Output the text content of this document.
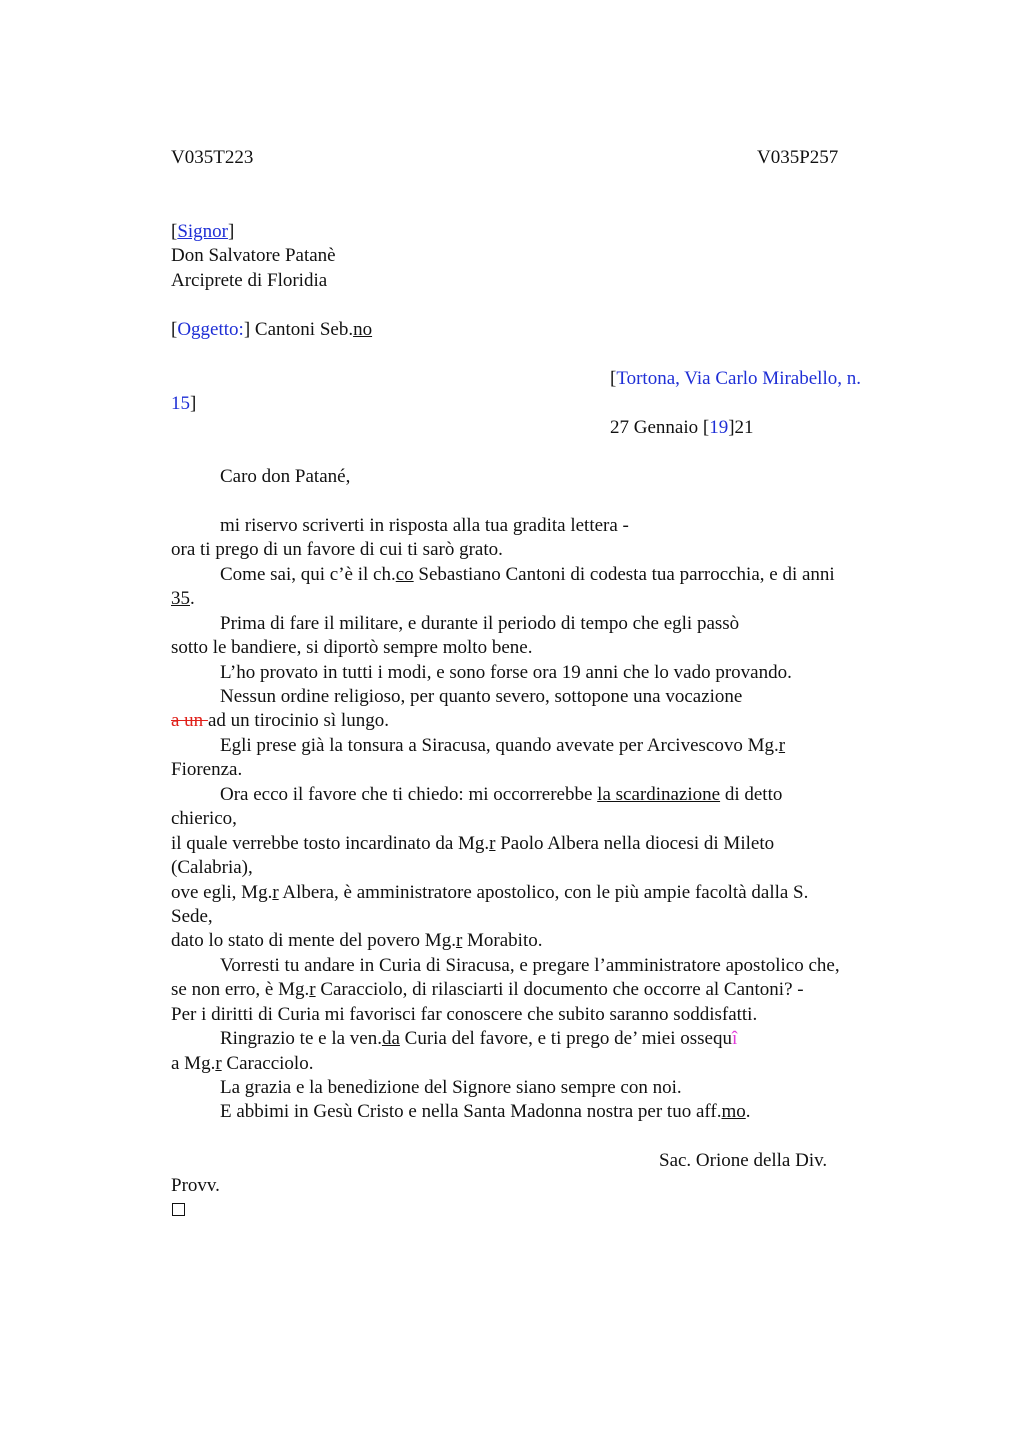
V035T223	V035P257
[Signor]
Don Salvatore Patanè
Arciprete di Floridia
[Oggetto:] Cantoni Seb.no
[Tortona, Via Carlo Mirabello, n.
15]
27 Gennaio [19]21
Caro don Patané,
mi riservo scriverti in risposta alla tua gradita lettera -
ora ti prego di un favore di cui ti sarò grato.
Come sai, qui c’è il ch.co Sebastiano Cantoni di codesta tua parrocchia, e di anni
35.
Prima di fare il militare, e durante il periodo di tempo che egli passò
sotto le bandiere, si diportò sempre molto bene.
L’ho provato in tutti i modi, e sono forse ora 19 anni che lo vado provando.
Nessun ordine religioso, per quanto severo, sottopone una vocazione
a un ad un tirocinio sì lungo.
Egli prese già la tonsura a Siracusa, quando avevate per Arcivescovo Mg.r
Fiorenza.
Ora ecco il favore che ti chiedo: mi occorrerebbe la scardinazione di detto
chierico,
il quale verrebbe tosto incardinato da Mg.r Paolo Albera nella diocesi di Mileto
(Calabria),
ove egli, Mg.r Albera, è amministratore apostolico, con le più ampie facoltà dalla S.
Sede,
dato lo stato di mente del povero Mg.r Morabito.
Vorresti tu andare in Curia di Siracusa, e pregare l’amministratore apostolico che,
se non erro, è Mg.r Caracciolo, di rilasciarti il documento che occorre al Cantoni? -
Per i diritti di Curia mi favorisci far conoscere che subito saranno soddisfatti.
Ringrazio te e la ven.da Curia del favore, e ti prego de’ miei ossequî
a Mg.r Caracciolo.
La grazia e la benedizione del Signore siano sempre con noi.
E abbimi in Gesù Cristo e nella Santa Madonna nostra per tuo aff.mo.
Sac. Orione della Div.
Provv.
